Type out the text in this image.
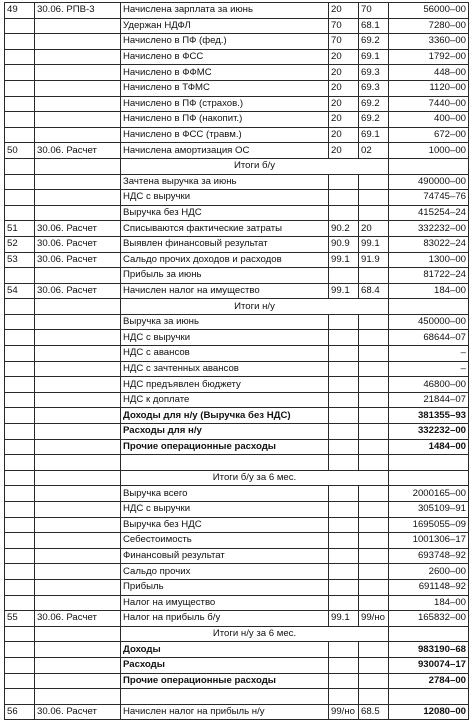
49	30.06. РПВ-3	Начислена зарплата за июнь	20	70	56000–00
		Удержан НДФЛ	70	68.1	7280–00
		Начислено в ПФ (фед.)	70	69.2	3360–00
		Начислено в ФСС	20	69.1	1792–00
		Начислено в ФФМС	20	69.3	448–00
		Начислено в ТФМС	20	69.3	1120–00
		Начислено в ПФ (страхов.)	20	69.2	7440–00
		Начислено в ПФ (накопит.)	20	69.2	400–00
		Начислено в ФСС (травм.)	20	69.1	672–00
50	30.06. Расчет	Начислена амортизация ОС	20	02	1000–00
		Итоги б/у			
		Зачтена выручка за июнь			490000–00
		НДС с выручки			74745–76
		Выручка без НДС			415254–24
51	30.06. Расчет	Списываются фактические затраты	90.2	20	332232–00
52	30.06. Расчет	Выявлен финансовый результат	90.9	99.1	83022–24
53	30.06. Расчет	Сальдо прочих доходов и расходов	99.1	91.9	1300–00
		Прибыль за июнь			81722–24
54	30.06. Расчет	Начислен налог на имущество	99.1	68.4	184–00
		Итоги н/у			
		Выручка за июнь			450000–00
		НДС с выручки			68644–07
		НДС с авансов			–
		НДС с зачтенных авансов			–
		НДС предъявлен бюджету			46800–00
		НДС к доплате			21844–07
		Доходы для н/у (Выручка без НДС)			381355–93
		Расходы для н/у			332232–00
		Прочие операционные расходы			1484–00

		Итоги б/у за 6 мес.			
		Выручка всего			2000165–00
		НДС с выручки			305109–91
		Выручка без НДС			1695055–09
		Себестоимость			1001306–17
		Финансовый результат			693748–92
		Сальдо прочих			2600–00
		Прибыль			691148–92
		Налог на имущество			184–00
55	30.06. Расчет	Налог на прибыль б/у	99.1	99/но	165832–00
		Итоги н/у за 6 мес.			
		Доходы			983190–68
		Расходы			930074–17
		Прочие операционные расходы			2784–00

56	30.06. Расчет	Начислен налог на прибыль н/у	99/но	68.5	12080–00
